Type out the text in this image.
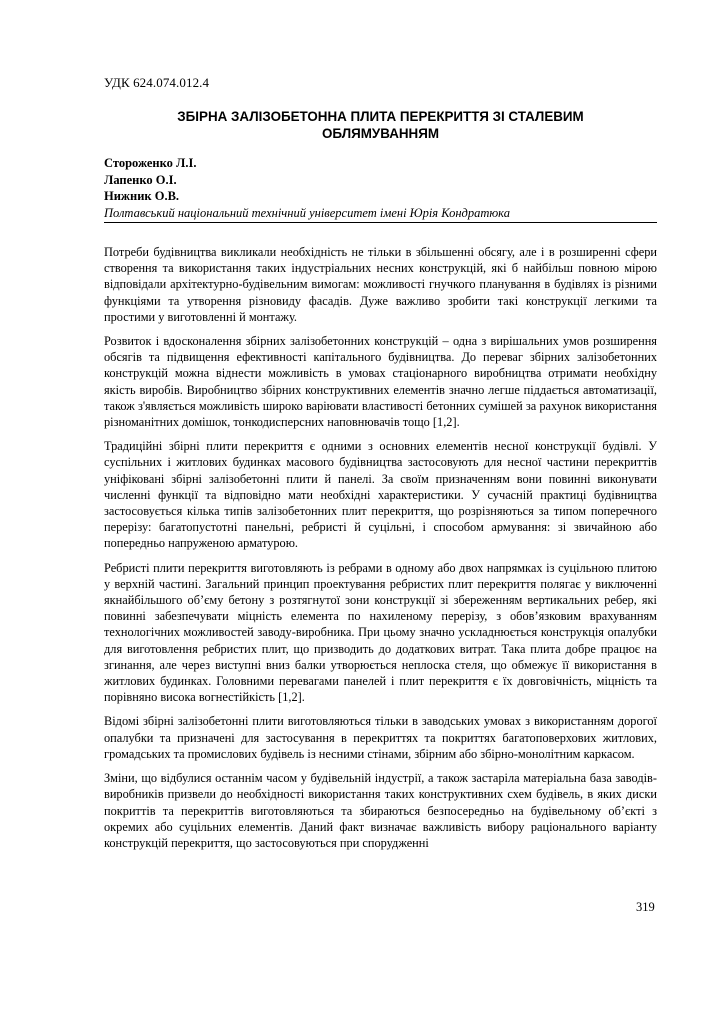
УДК 624.074.012.4
ЗБІРНА ЗАЛІЗОБЕТОННА ПЛИТА ПЕРЕКРИТТЯ ЗІ СТАЛЕВИМ
ОБЛЯМУВАННЯМ
Стороженко Л.І.
Лапенко О.І.
Нижник О.В.
Полтавський національний технічний університет імені Юрія Кондратюка

Потреби будівництва викликали необхідність не тільки в збільшенні обсягу, але і в розширенні сфери створення та використання таких індустріальних несних конструкцій, які б найбільш повною мірою відповідали архітектурно-будівельним вимогам: можливості гнучкого планування в будівлях із різними функціями та утворення різновиду фасадів. Дуже важливо зробити такі конструкції легкими та простими у виготовленні й монтажу.

Розвиток і вдосконалення збірних залізобетонних конструкцій – одна з вирішальних умов розширення обсягів та підвищення ефективності капітального будівництва. До переваг збірних залізобетонних конструкцій можна віднести можливість в умовах стаціонарного виробництва отримати необхідну якість виробів. Виробництво збірних конструктивних елементів значно легше піддається автоматизації, також з'являється можливість широко варіювати властивості бетонних сумішей за рахунок використання різноманітних домішок, тонкодисперсних наповнювачів тощо [1,2].

Традиційні збірні плити перекриття є одними з основних елементів несної конструкції будівлі. У суспільних і житлових будинках масового будівництва застосовують для несної частини перекриттів уніфіковані збірні залізобетонні плити й панелі. За своїм призначенням вони повинні виконувати численні функції та відповідно мати необхідні характеристики. У сучасній практиці будівництва застосовується кілька типів залізобетонних плит перекриття, що розрізняються за типом поперечного перерізу: багатопустотні панельні, ребристі й суцільні, і способом армування: зі звичайною або попередньо напруженою арматурою.

Ребристі плити перекриття виготовляють із ребрами в одному або двох напрямках із суцільною плитою у верхній частині. Загальний принцип проектування ребристих плит перекриття полягає у виключенні якнайбільшого об’єму бетону з розтягнутої зони конструкції зі збереженням вертикальних ребер, які повинні забезпечувати міцність елемента по нахиленому перерізу, з обов’язковим врахуванням технологічних можливостей заводу-виробника. При цьому значно ускладнюється конструкція опалубки для виготовлення ребристих плит, що призводить до додаткових витрат. Така плита добре працює на згинання, але через виступні вниз балки утворюється неплоска стеля, що обмежує її використання в житлових будинках. Головними перевагами панелей і плит перекриття є їх довговічність, міцність та порівняно висока вогнестійкість [1,2].

Відомі збірні залізобетонні плити виготовляються тільки в заводських умовах з використанням дорогої опалубки та призначені для застосування в перекриттях та покриттях багатоповерхових житлових, громадських та промислових будівель із несними стінами, збірним або збірно-монолітним каркасом.

Зміни, що відбулися останнім часом у будівельній індустрії, а також застаріла матеріальна база заводів-виробників призвели до необхідності використання таких конструктивних схем будівель, в яких диски покриттів та перекриттів виготовляються та збираються безпосередньо на будівельному об’єкті з окремих або суцільних елементів. Даний факт визначає важливість вибору раціонального варіанту конструкцій перекриття, що застосовуються при спорудженні

319
